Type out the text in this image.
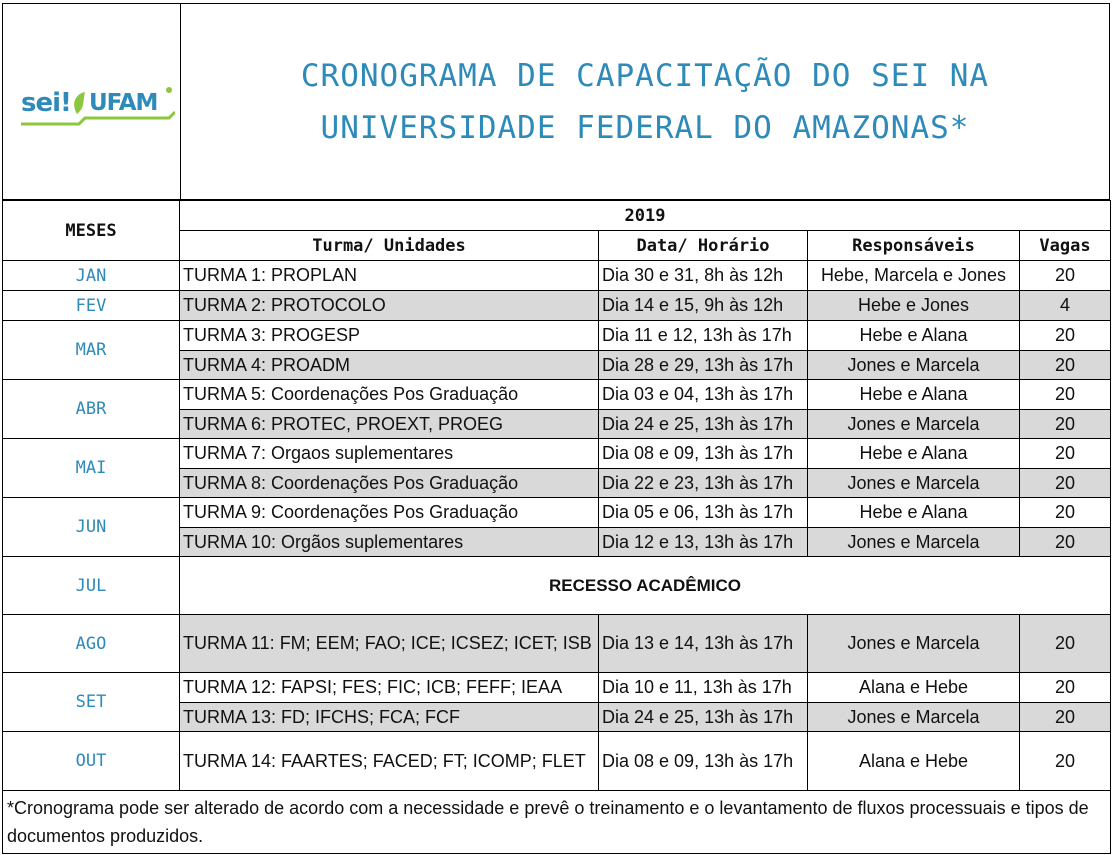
sei! UFAM
CRONOGRAMA DE CAPACITAÇÃO DO SEI NA
UNIVERSIDADE FEDERAL DO AMAZONAS*
MESES	2019			
	Turma/ Unidades	Data/ Horário	Responsáveis	Vagas
JAN	TURMA 1: PROPLAN	Dia 30 e 31, 8h às 12h	Hebe, Marcela e Jones	20
FEV	TURMA 2: PROTOCOLO	Dia 14 e 15, 9h às 12h	Hebe e Jones	4
MAR	TURMA 3: PROGESP	Dia 11 e 12, 13h às 17h	Hebe e Alana	20
	TURMA 4: PROADM	Dia 28 e 29, 13h às 17h	Jones e Marcela	20
ABR	TURMA 5: Coordenações Pos Graduação	Dia 03 e 04, 13h às 17h	Hebe e Alana	20
	TURMA 6: PROTEC, PROEXT, PROEG	Dia 24 e 25, 13h às 17h	Jones e Marcela	20
MAI	TURMA 7: Orgaos suplementares	Dia 08 e 09, 13h às 17h	Hebe e Alana	20
	TURMA 8: Coordenações Pos Graduação	Dia 22 e 23, 13h às 17h	Jones e Marcela	20
JUN	TURMA 9: Coordenações Pos Graduação	Dia 05 e 06, 13h às 17h	Hebe e Alana	20
	TURMA 10: Orgãos suplementares	Dia 12 e 13, 13h às 17h	Jones e Marcela	20
JUL	RECESSO ACADÊMICO			
AGO	TURMA 11: FM; EEM; FAO; ICE; ICSEZ; ICET; ISB	Dia 13 e 14, 13h às 17h	Jones e Marcela	20
SET	TURMA 12: FAPSI; FES; FIC; ICB; FEFF; IEAA	Dia 10 e 11, 13h às 17h	Alana e Hebe	20
	TURMA 13: FD; IFCHS; FCA; FCF	Dia 24 e 25, 13h às 17h	Jones e Marcela	20
OUT	TURMA 14: FAARTES; FACED; FT; ICOMP; FLET	Dia 08 e 09, 13h às 17h	Alana e Hebe	20
*Cronograma pode ser alterado de acordo com a necessidade e prevê o treinamento e o levantamento de fluxos processuais e tipos de documentos produzidos.				
